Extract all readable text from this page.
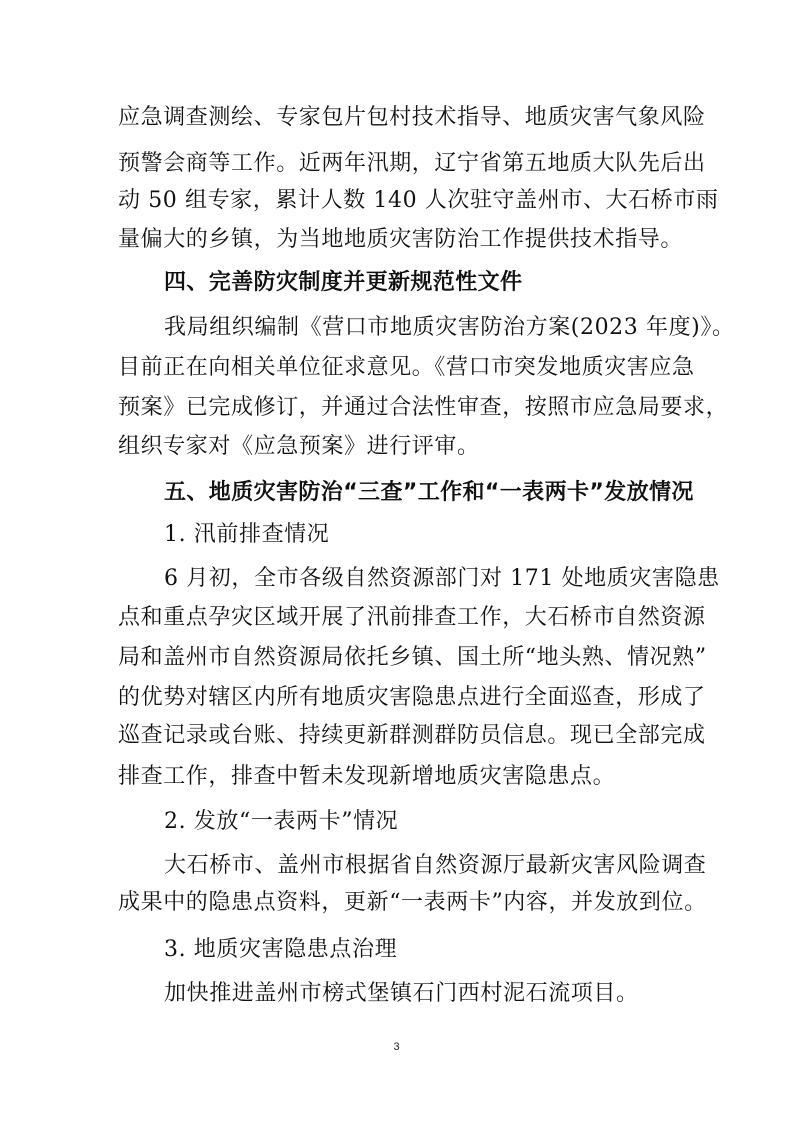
应急调查测绘、专家包片包村技术指导、地质灾害气象风险
预警会商等工作。近两年汛期，辽宁省第五地质大队先后出
动 50 组专家，累计人数 140 人次驻守盖州市、大石桥市雨
量偏大的乡镇，为当地地质灾害防治工作提供技术指导。
四、完善防灾制度并更新规范性文件
我局组织编制《营口市地质灾害防治方案(2023 年度)》。
目前正在向相关单位征求意见。《营口市突发地质灾害应急
预案》已完成修订，并通过合法性审查，按照市应急局要求，
组织专家对《应急预案》进行评审。
五、地质灾害防治“三查”工作和“一表两卡”发放情况
1. 汛前排查情况
6 月初，全市各级自然资源部门对 171 处地质灾害隐患
点和重点孕灾区域开展了汛前排查工作，大石桥市自然资源
局和盖州市自然资源局依托乡镇、国土所“地头熟、情况熟”
的优势对辖区内所有地质灾害隐患点进行全面巡查，形成了
巡查记录或台账、持续更新群测群防员信息。现已全部完成
排查工作，排查中暂未发现新增地质灾害隐患点。
2. 发放“一表两卡”情况
大石桥市、盖州市根据省自然资源厅最新灾害风险调查
成果中的隐患点资料，更新“一表两卡”内容，并发放到位。
3. 地质灾害隐患点治理
加快推进盖州市榜式堡镇石门西村泥石流项目。
3
